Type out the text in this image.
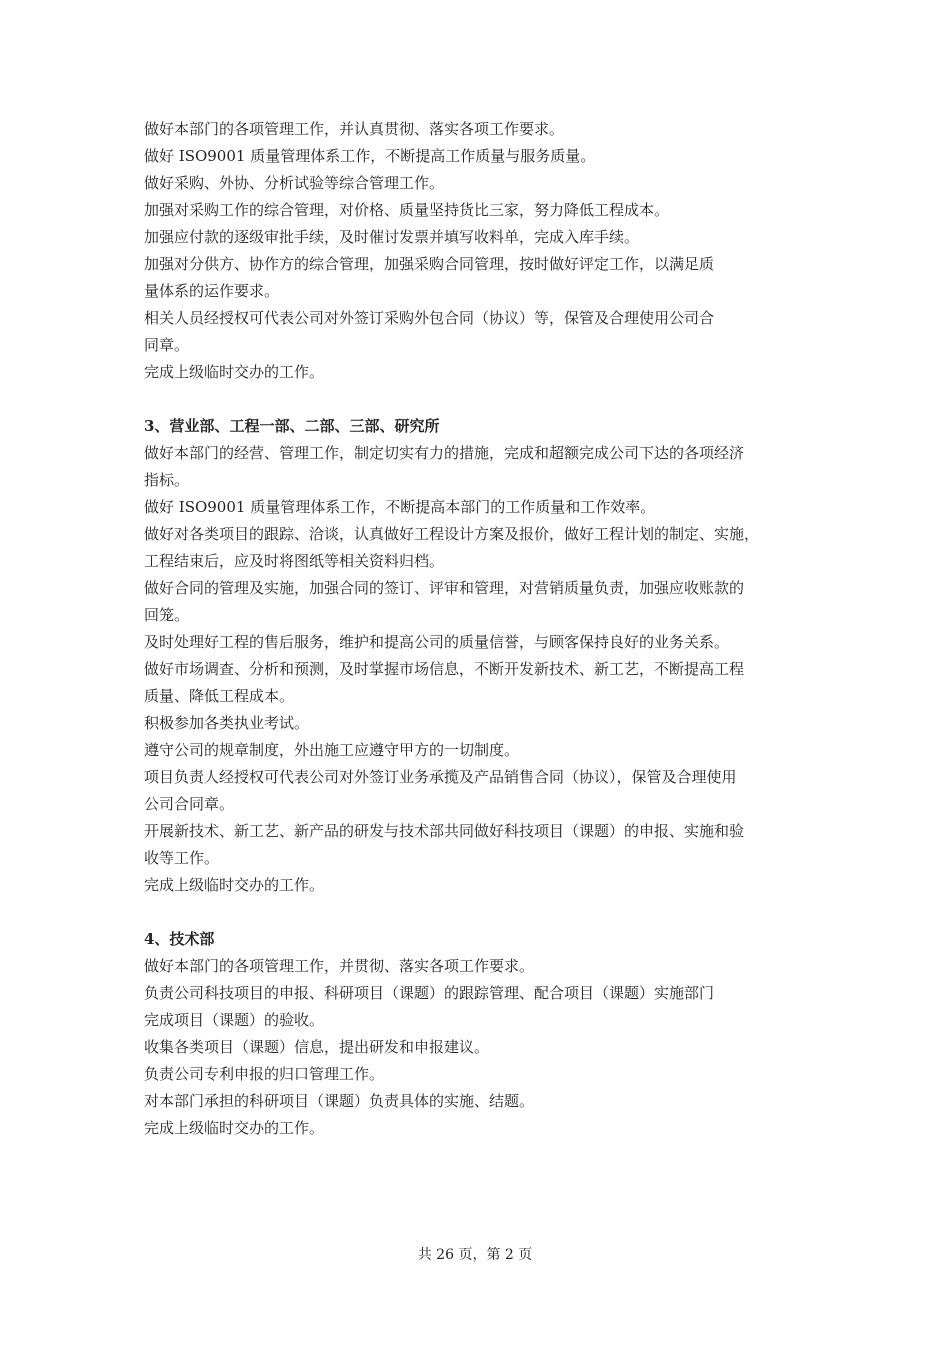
做好本部门的各项管理工作，并认真贯彻、落实各项工作要求。

做好 ISO9001 质量管理体系工作，不断提高工作质量与服务质量。

做好采购、外协、分析试验等综合管理工作。

加强对采购工作的综合管理，对价格、质量坚持货比三家，努力降低工程成本。

加强应付款的逐级审批手续，及时催讨发票并填写收料单，完成入库手续。

加强对分供方、协作方的综合管理，加强采购合同管理，按时做好评定工作，以满足质

量体系的运作要求。

相关人员经授权可代表公司对外签订采购外包合同（协议）等，保管及合理使用公司合

同章。

完成上级临时交办的工作。

3、营业部、工程一部、二部、三部、研究所

做好本部门的经营、管理工作，制定切实有力的措施，完成和超额完成公司下达的各项经济

指标。

做好 ISO9001 质量管理体系工作，不断提高本部门的工作质量和工作效率。

做好对各类项目的跟踪、洽谈，认真做好工程设计方案及报价，做好工程计划的制定、实施，

工程结束后，应及时将图纸等相关资料归档。

做好合同的管理及实施，加强合同的签订、评审和管理，对营销质量负责，加强应收账款的

回笼。

及时处理好工程的售后服务，维护和提高公司的质量信誉，与顾客保持良好的业务关系。

做好市场调查、分析和预测，及时掌握市场信息，不断开发新技术、新工艺，不断提高工程

质量、降低工程成本。

积极参加各类执业考试。

遵守公司的规章制度，外出施工应遵守甲方的一切制度。

项目负责人经授权可代表公司对外签订业务承揽及产品销售合同（协议），保管及合理使用

公司合同章。

开展新技术、新工艺、新产品的研发与技术部共同做好科技项目（课题）的申报、实施和验

收等工作。

完成上级临时交办的工作。

4、技术部

做好本部门的各项管理工作，并贯彻、落实各项工作要求。

负责公司科技项目的申报、科研项目（课题）的跟踪管理、配合项目（课题）实施部门

完成项目（课题）的验收。

收集各类项目（课题）信息，提出研发和申报建议。

负责公司专利申报的归口管理工作。

对本部门承担的科研项目（课题）负责具体的实施、结题。

完成上级临时交办的工作。

共 26 页，第 2 页
